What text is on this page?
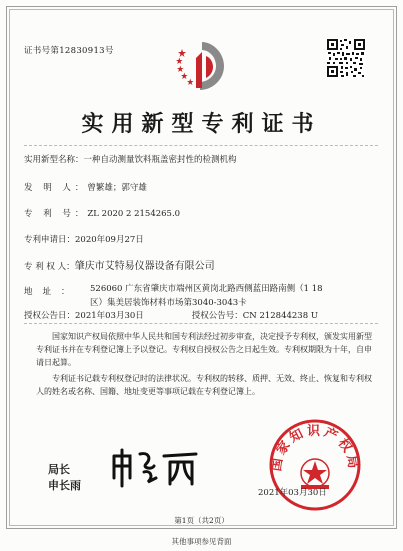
证书号第12830913号
实用新型专利证书
实用新型名称：一种自动测量饮料瓶盖密封性的检测机构
发 明 人：曾繁雄；郭守雄
专 利 号：ZL 2020 2 2154265.0
专利申请日：2020年09月27日
专 利 权 人：肇庆市艾特易仪器设备有限公司
地址： 526060 广东省肇庆市端州区黄岗北路西侧蓝田路南侧（1 18区）集美居装饰材料市场第3040-3043卡
授权公告日：2021年03月30日	授权公告号：CN 212844238 U
国家知识产权局依照中华人民共和国专利法经过初步审查，决定授予专利权，颁发实用新型专利证书并在专利登记簿上予以登记。专利权自授权公告之日起生效。专利权期限为十年，自申请日起算。
专利证书记载专利权登记时的法律状况。专利权的转移、质押、无效、终止、恢复和专利权人的姓名或名称、国籍、地址变更等事项记载在专利登记簿上。
国家知识产权局
2021年03月30日
局长
申长雨
第1页（共2页）
其他事项参见背面
